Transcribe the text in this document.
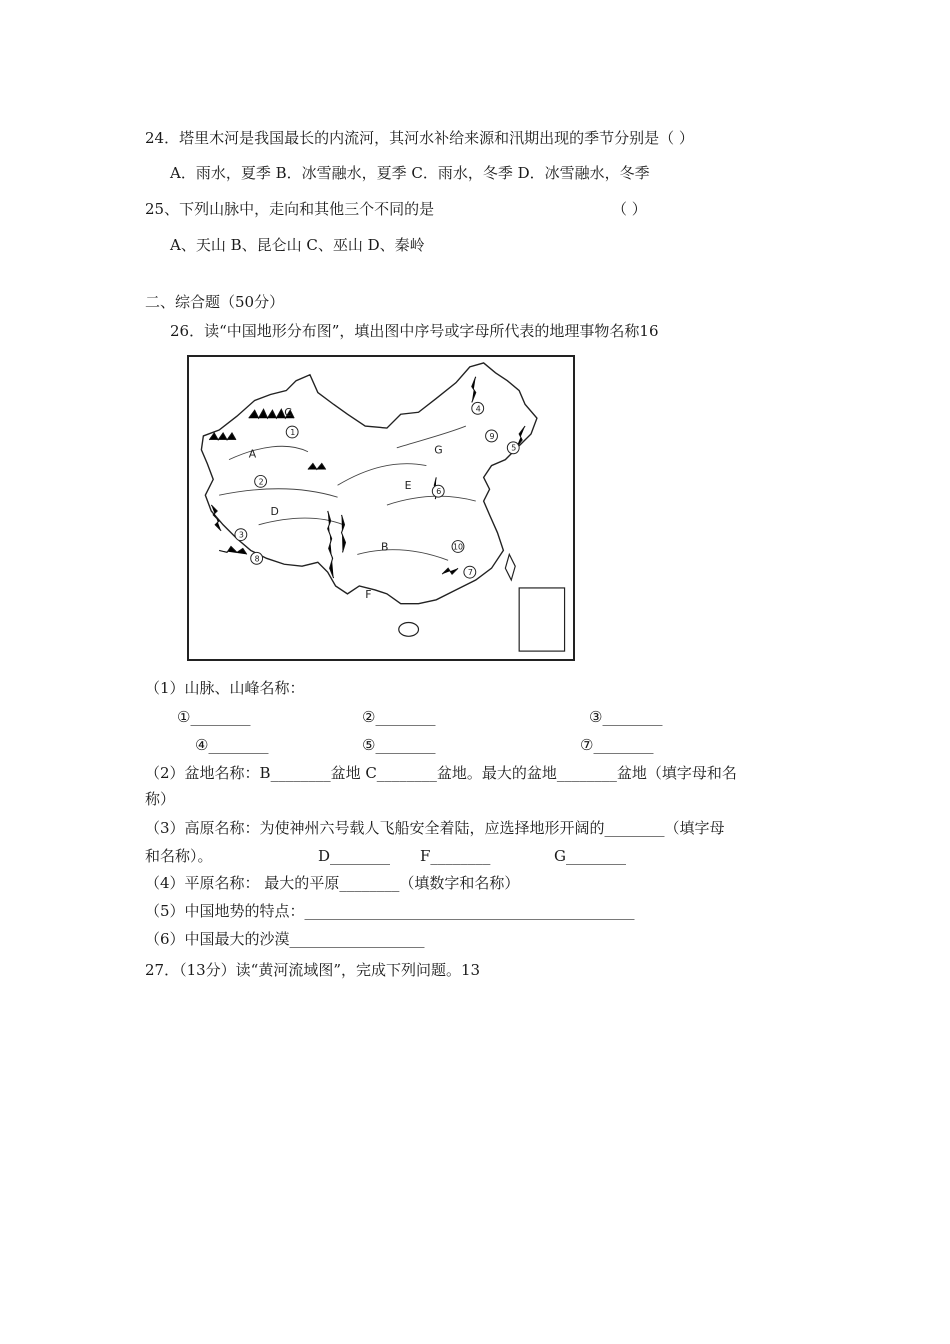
24．塔里木河是我国最长的内流河，其河水补给来源和汛期出现的季节分别是（ ）
A．雨水，夏季 B．冰雪融水，夏季 C．雨水，冬季 D．冰雪融水，冬季
25、下列山脉中，走向和其他三个不同的是	（ ）
A、天山 B、昆仑山 C、巫山 D、秦岭
二、综合题（50分）
26．读“中国地形分布图”，填出图中序号或字母所代表的地理事物名称16
C
A
D
G
E
B
F
1
2
3
4
5
6
7
8
9
10
（1）山脉、山峰名称：
①________	②________	③________
④________	⑤________	⑦________
（2）盆地名称：B________盆地 C________盆地。最大的盆地________盆地（填字母和名
称）
（3）高原名称：为使神州六号载人飞船安全着陆，应选择地形开阔的________（填字母
和名称）。	D________ F________	G________
（4）平原名称： 最大的平原________（填数字和名称）
（5）中国地势的特点：____________________________________________
（6）中国最大的沙漠__________________
27．（13分）读“黄河流域图”，完成下列问题。13
